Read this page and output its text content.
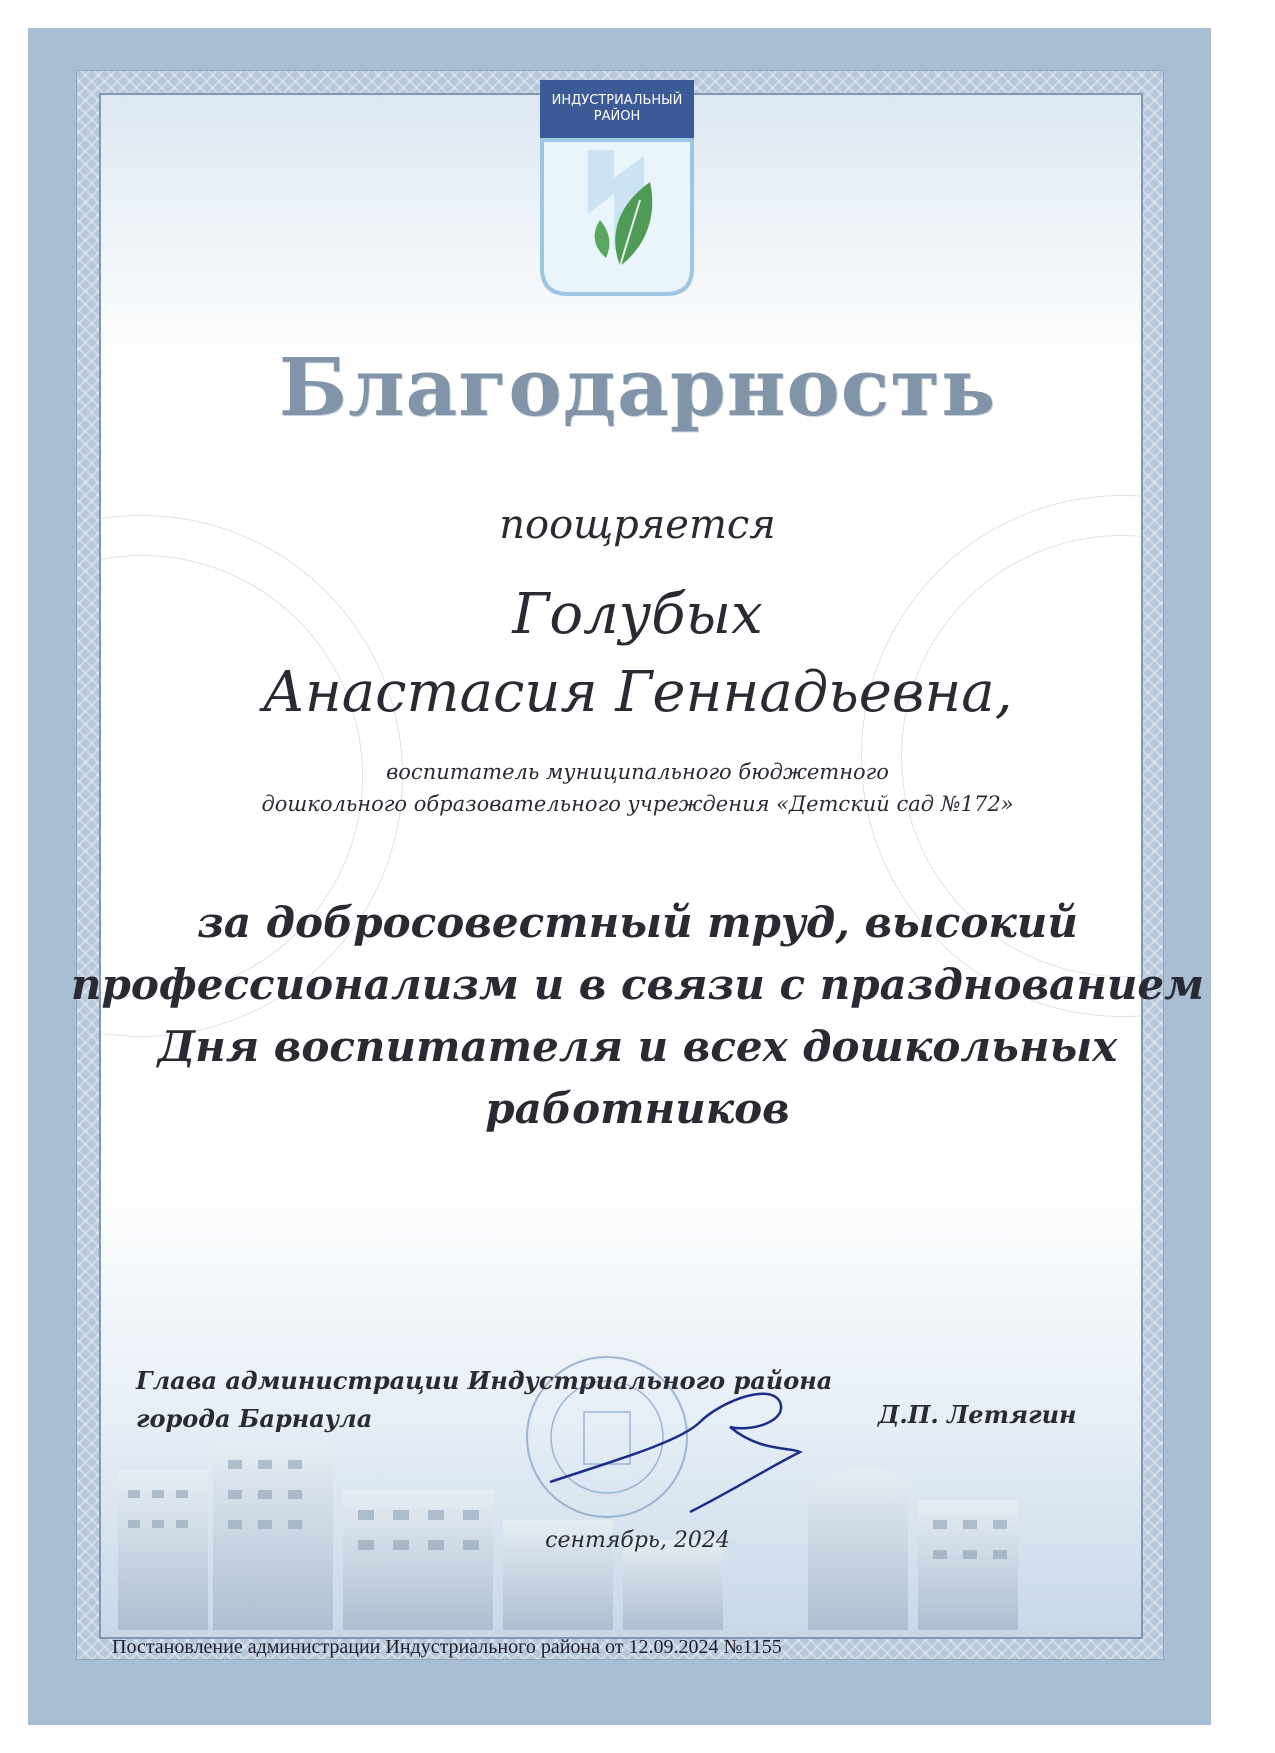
ИНДУСТРИАЛЬНЫЙ
РАЙОН
Благодарность
поощряется
Голубых
Анастасия Геннадьевна,
воспитатель муниципального бюджетного
дошкольного образовательного учреждения «Детский сад №172»
за добросовестный труд, высокий
профессионализм и в связи с празднованием
Дня воспитателя и всех дошкольных
работников
Глава администрации Индустриального района
города Барнаула	Д.П. Летягин
сентябрь, 2024
Постановление администрации Индустриального района от 12.09.2024 №1155
